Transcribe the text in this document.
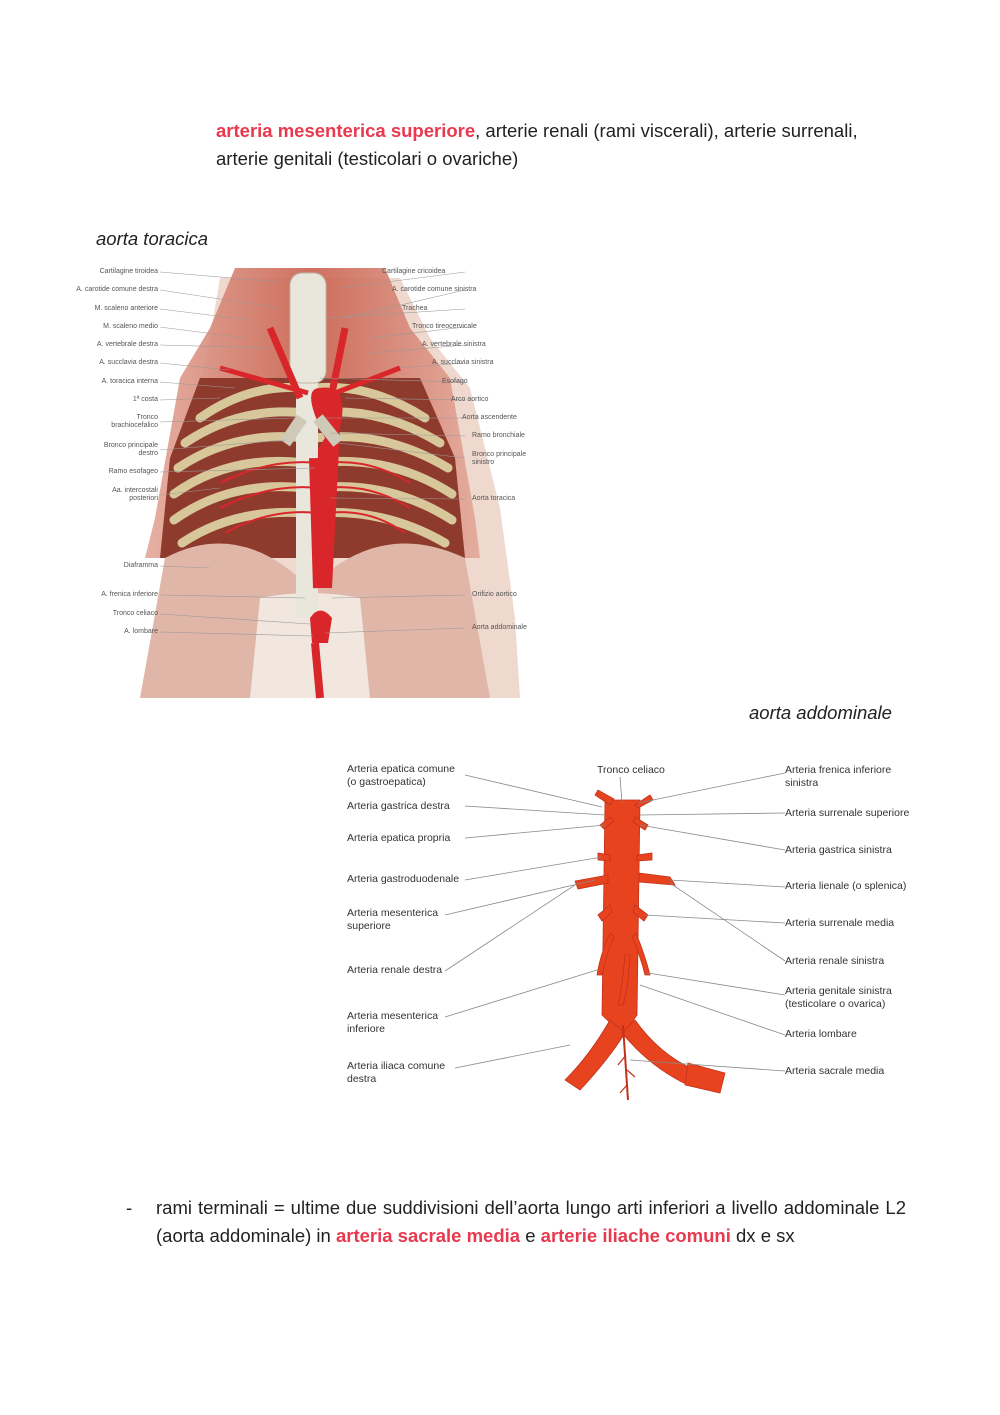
arteria mesenterica superiore, arterie renali (rami viscerali), arterie surrenali,
arterie genitali (testicolari o ovariche)
aorta toracica
Cartilagine tiroidea
A. carotide comune destra
M. scaleno anteriore
M. scaleno medio
A. vertebrale destra
A. succlavia destra
A. toracica interna
1ª costa
Tronco brachiocefalico
Bronco principale destro
Ramo esofageo
Aa. intercostali posteriori
Diaframma
A. frenica inferiore
Tronco celiaco
A. lombare
Cartilagine cricoidea
A. carotide comune sinistra
Trachea
Tronco tireocervicale
A. vertebrale sinistra
A. succlavia sinistra
Esofago
Arco aortico
Aorta ascendente
Ramo bronchiale
Bronco principale sinistro
Aorta toracica
Orifizio aortico
Aorta addominale
aorta addominale
Arteria epatica comune (o gastroepatica)
Arteria gastrica destra
Arteria epatica propria
Arteria gastroduodenale
Arteria mesenterica superiore
Arteria renale destra
Arteria mesenterica inferiore
Arteria iliaca comune destra
Tronco celiaco	Arteria frenica inferiore sinistra
Arteria surrenale superiore
Arteria gastrica sinistra
Arteria lienale (o splenica)
Arteria surrenale media
Arteria renale sinistra
Arteria genitale sinistra (testicolare o ovarica)
Arteria lombare
Arteria sacrale media
- rami terminali = ultime due suddivisioni dell’aorta lungo arti inferiori a livello addominale L2 (aorta addominale) in arteria sacrale media e arterie iliache comuni dx e sx
